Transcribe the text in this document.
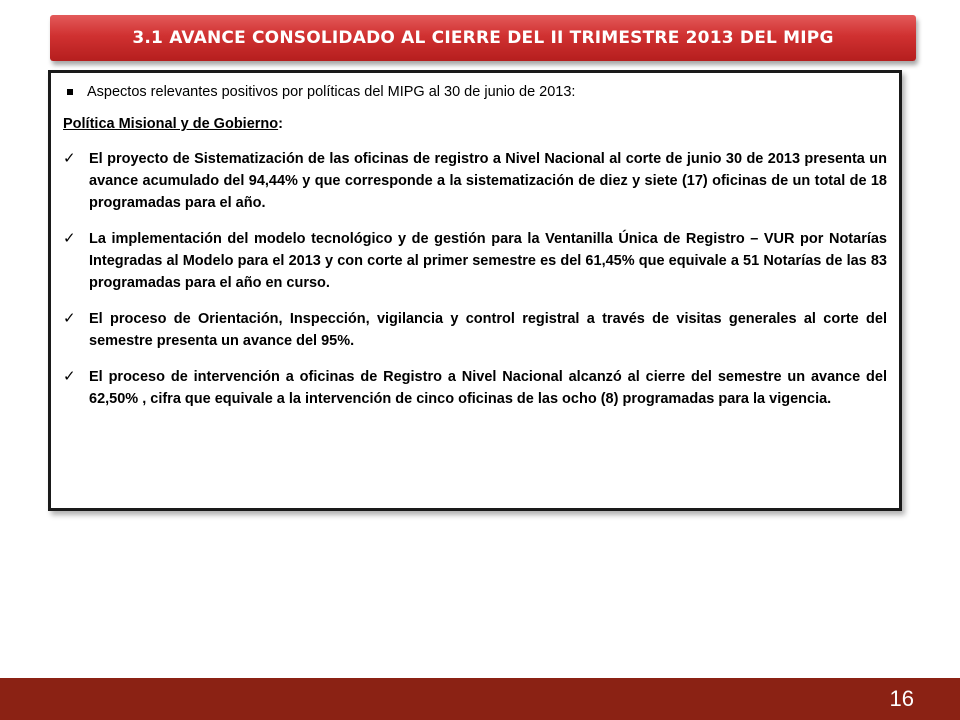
3.1 AVANCE CONSOLIDADO AL CIERRE DEL II TRIMESTRE 2013 DEL MIPG
Aspectos relevantes positivos por políticas del MIPG al 30 de junio de 2013:
Política Misional y de Gobierno:
✓ El proyecto de Sistematización de las oficinas de registro a Nivel Nacional al corte de junio 30 de 2013 presenta un avance acumulado del 94,44% y que corresponde a la sistematización de diez y siete (17) oficinas de un total de 18 programadas para el año.
✓ La implementación del modelo tecnológico y de gestión para la Ventanilla Única de Registro – VUR por Notarías Integradas al Modelo para el 2013 y con corte al primer semestre es del 61,45% que equivale a 51 Notarías de las 83 programadas para el año en curso.
✓ El proceso de Orientación, Inspección, vigilancia y control registral a través de visitas generales al corte del semestre presenta un avance del 95%.
✓ El proceso de intervención a oficinas de Registro a Nivel Nacional alcanzó al cierre del semestre un avance del 62,50% , cifra que equivale a la intervención de cinco oficinas de las ocho (8) programadas para la vigencia.
16
